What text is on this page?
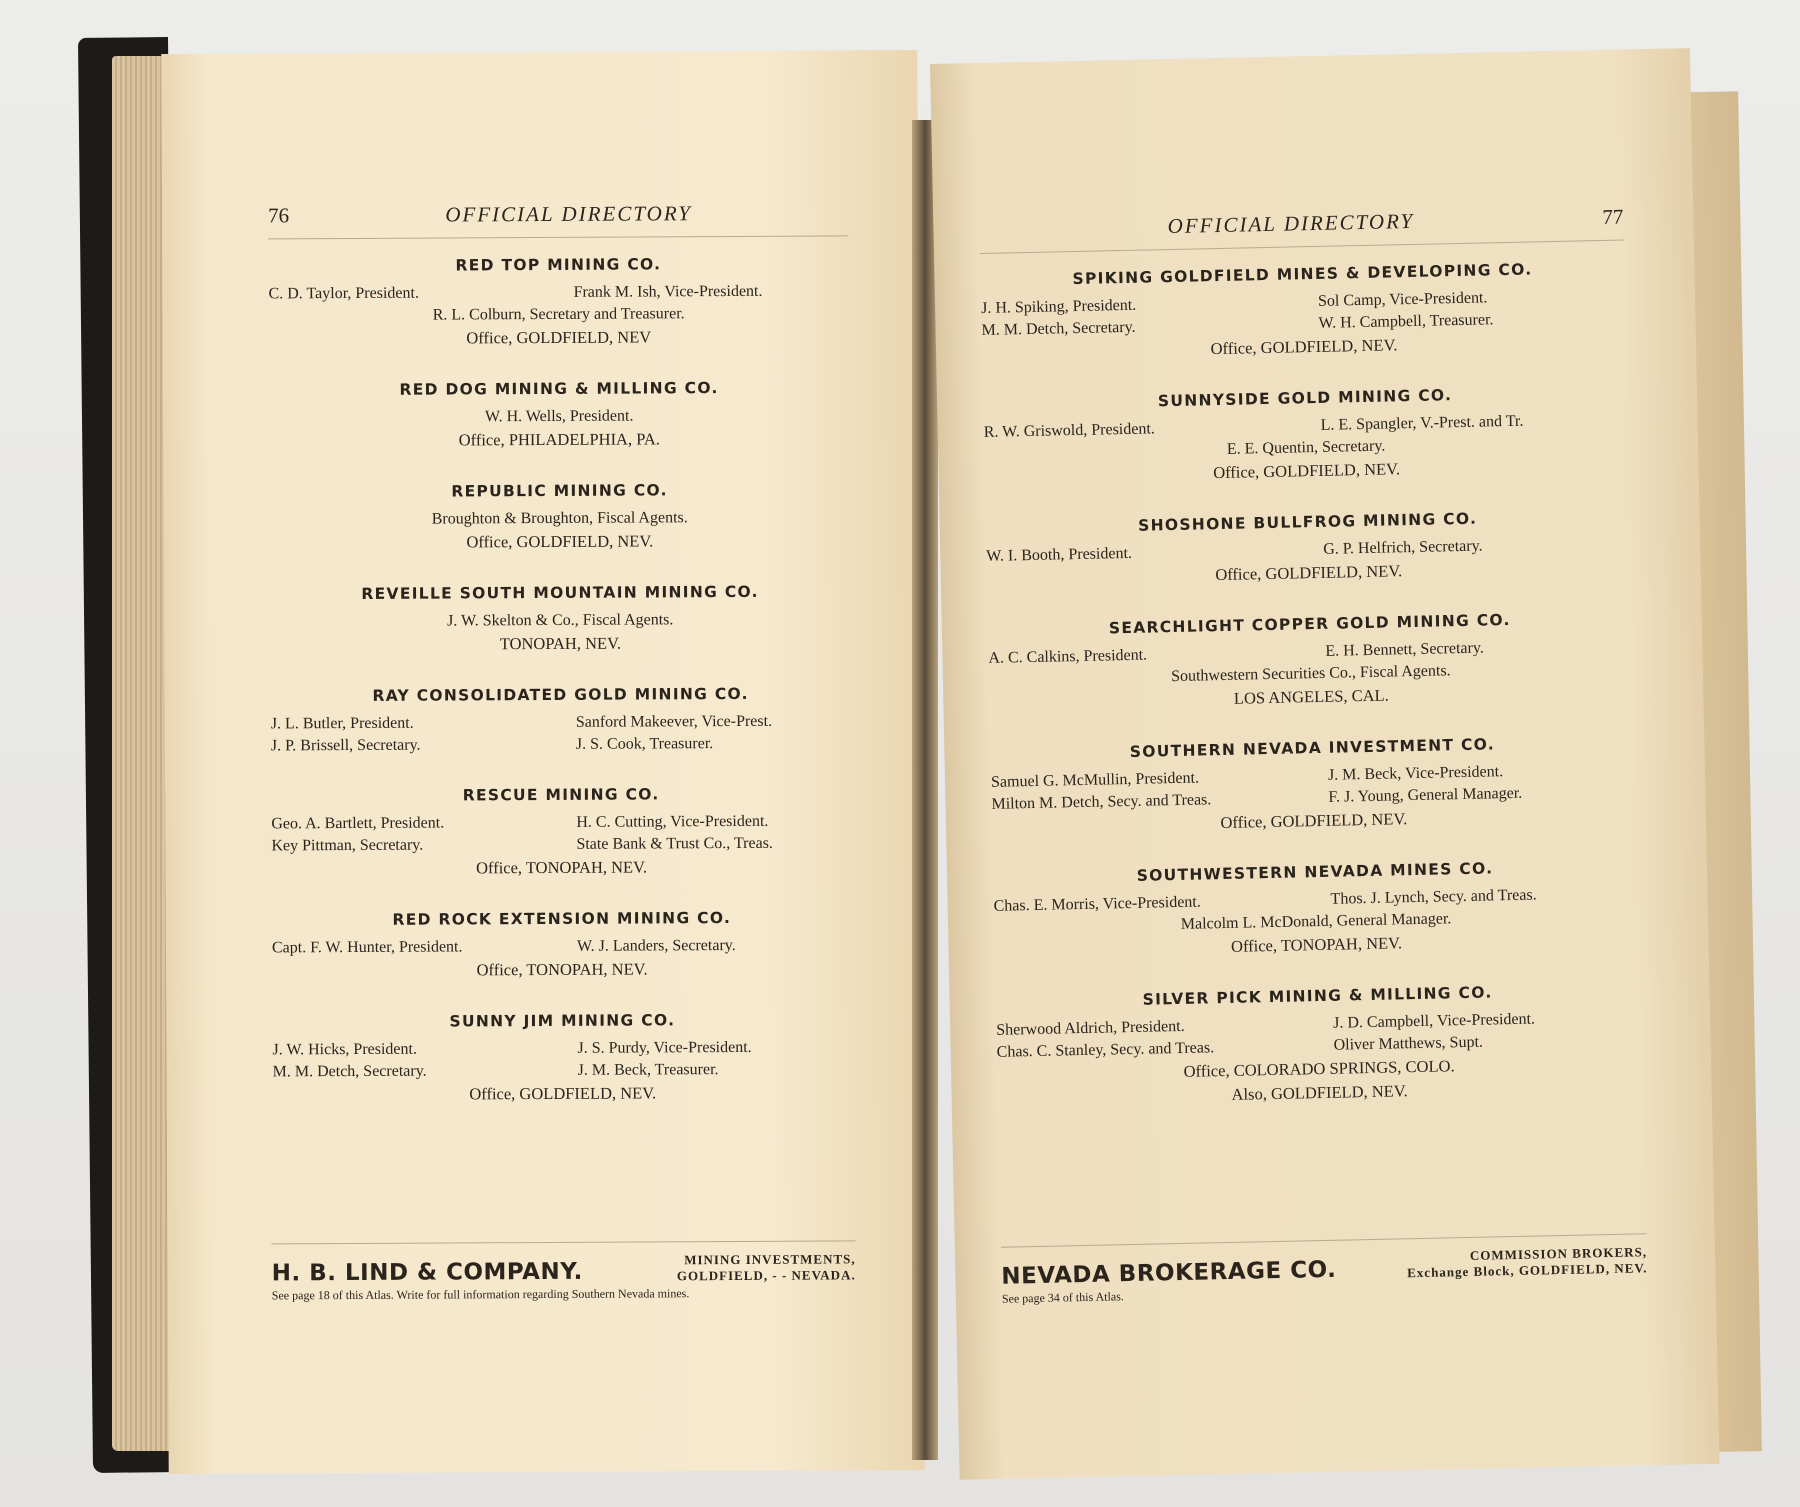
76	OFFICIAL DIRECTORY
RED TOP MINING CO.
C. D. Taylor, President.	Frank M. Ish, Vice-President.
R. L. Colburn, Secretary and Treasurer.
Office, GOLDFIELD, NEV
RED DOG MINING & MILLING CO.
W. H. Wells, President.
Office, PHILADELPHIA, PA.
REPUBLIC MINING CO.
Broughton & Broughton, Fiscal Agents.
Office, GOLDFIELD, NEV.
REVEILLE SOUTH MOUNTAIN MINING CO.
J. W. Skelton & Co., Fiscal Agents.
TONOPAH, NEV.
RAY CONSOLIDATED GOLD MINING CO.
J. L. Butler, President.	Sanford Makeever, Vice-Prest.
J. P. Brissell, Secretary.	J. S. Cook, Treasurer.
RESCUE MINING CO.
Geo. A. Bartlett, President.	H. C. Cutting, Vice-President.
Key Pittman, Secretary.	State Bank & Trust Co., Treas.
Office, TONOPAH, NEV.
RED ROCK EXTENSION MINING CO.
Capt. F. W. Hunter, President.	W. J. Landers, Secretary.
Office, TONOPAH, NEV.
SUNNY JIM MINING CO.
J. W. Hicks, President.	J. S. Purdy, Vice-President.
M. M. Detch, Secretary.	J. M. Beck, Treasurer.
Office, GOLDFIELD, NEV.
H. B. LIND & COMPANY.	MINING INVESTMENTS,
GOLDFIELD, - - NEVADA.
See page 18 of this Atlas. Write for full information regarding Southern Nevada mines.
OFFICIAL DIRECTORY	77
SPIKING GOLDFIELD MINES & DEVELOPING CO.
J. H. Spiking, President.	Sol Camp, Vice-President.
M. M. Detch, Secretary.	W. H. Campbell, Treasurer.
Office, GOLDFIELD, NEV.
SUNNYSIDE GOLD MINING CO.
R. W. Griswold, President.	L. E. Spangler, V.-Prest. and Tr.
E. E. Quentin, Secretary.
Office, GOLDFIELD, NEV.
SHOSHONE BULLFROG MINING CO.
W. I. Booth, President.	G. P. Helfrich, Secretary.
Office, GOLDFIELD, NEV.
SEARCHLIGHT COPPER GOLD MINING CO.
A. C. Calkins, President.	E. H. Bennett, Secretary.
Southwestern Securities Co., Fiscal Agents.
LOS ANGELES, CAL.
SOUTHERN NEVADA INVESTMENT CO.
Samuel G. McMullin, President.	J. M. Beck, Vice-President.
Milton M. Detch, Secy. and Treas.	F. J. Young, General Manager.
Office, GOLDFIELD, NEV.
SOUTHWESTERN NEVADA MINES CO.
Chas. E. Morris, Vice-President.	Thos. J. Lynch, Secy. and Treas.
Malcolm L. McDonald, General Manager.
Office, TONOPAH, NEV.
SILVER PICK MINING & MILLING CO.
Sherwood Aldrich, President.	J. D. Campbell, Vice-President.
Chas. C. Stanley, Secy. and Treas.	Oliver Matthews, Supt.
Office, COLORADO SPRINGS, COLO.
Also, GOLDFIELD, NEV.
NEVADA BROKERAGE CO.
COMMISSION BROKERS,
Exchange Block, GOLDFIELD, NEV.
See page 34 of this Atlas.
